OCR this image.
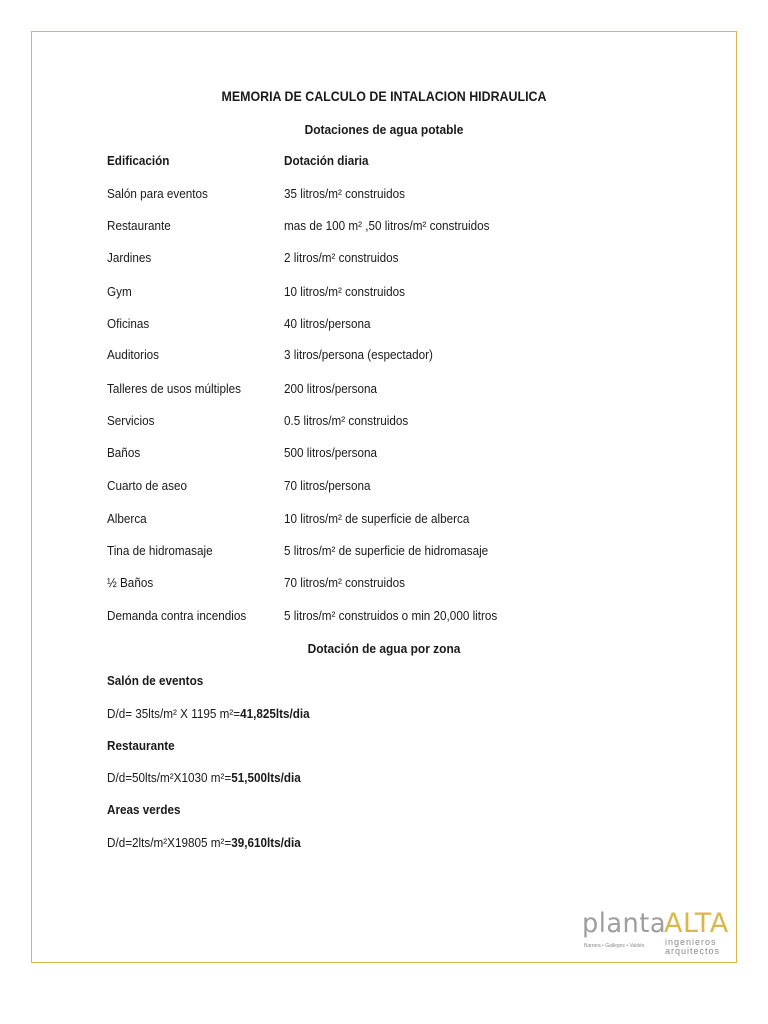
MEMORIA DE CALCULO DE INTALACION HIDRAULICA
Dotaciones de agua potable
Edificación	Dotación diaria
Salón para eventos	35 litros/m² construidos
Restaurante	mas de 100 m² ,50 litros/m² construidos
Jardines	2 litros/m² construidos
Gym	10 litros/m² construidos
Oficinas	40 litros/persona
Auditorios	3 litros/persona (espectador)
Talleres de usos múltiples	200 litros/persona
Servicios	0.5 litros/m² construidos
Baños	500 litros/persona
Cuarto de aseo	70 litros/persona
Alberca	10 litros/m² de superficie de alberca
Tina de hidromasaje	5 litros/m² de superficie de hidromasaje
½ Baños	70 litros/m² construidos
Demanda contra incendios	5 litros/m² construidos o min 20,000 litros
Dotación de agua por zona
Salón de eventos
D/d= 35lts/m² X 1195 m²=41,825lts/dia
Restaurante
D/d=50lts/m²X1030 m²=51,500lts/dia
Areas verdes
D/d=2lts/m²X19805 m²=39,610lts/dia
planta
ALTA
Barrera • Gallegos • Valdés ingenieros
arquitectos
